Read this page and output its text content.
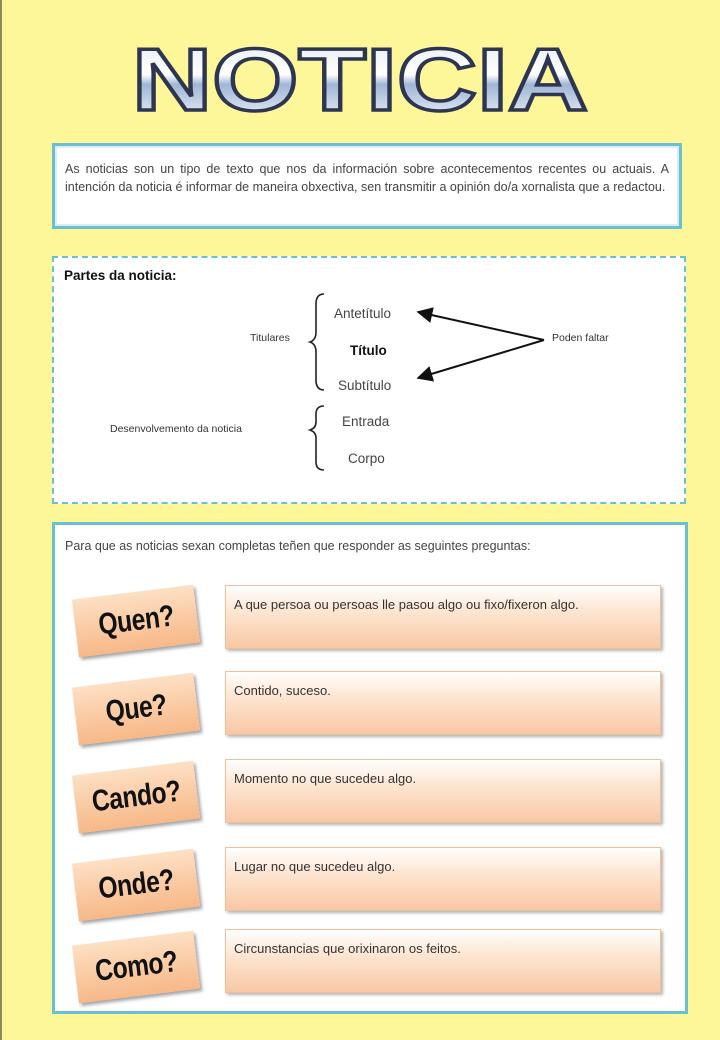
NOTICIA
As noticias son un tipo de texto que nos da información sobre acontecementos recentes ou actuais. A intención da noticia é informar de maneira obxectiva, sen transmitir a opinión do/a xornalista que a redactou.
Partes da noticia:
Titulares
Antetítulo
Título
Subtítulo
Poden faltar
Desenvolvemento da noticia	Entrada
Corpo
Para que as noticias sexan completas teñen que responder as seguintes preguntas:
Quen?	A que persoa ou persoas lle pasou algo ou fixo/fixeron algo.
Que?	Contido, suceso.
Cando?	Momento no que sucedeu algo.
Onde?	Lugar no que sucedeu algo.
Como?	Circunstancias que orixinaron os feitos.
